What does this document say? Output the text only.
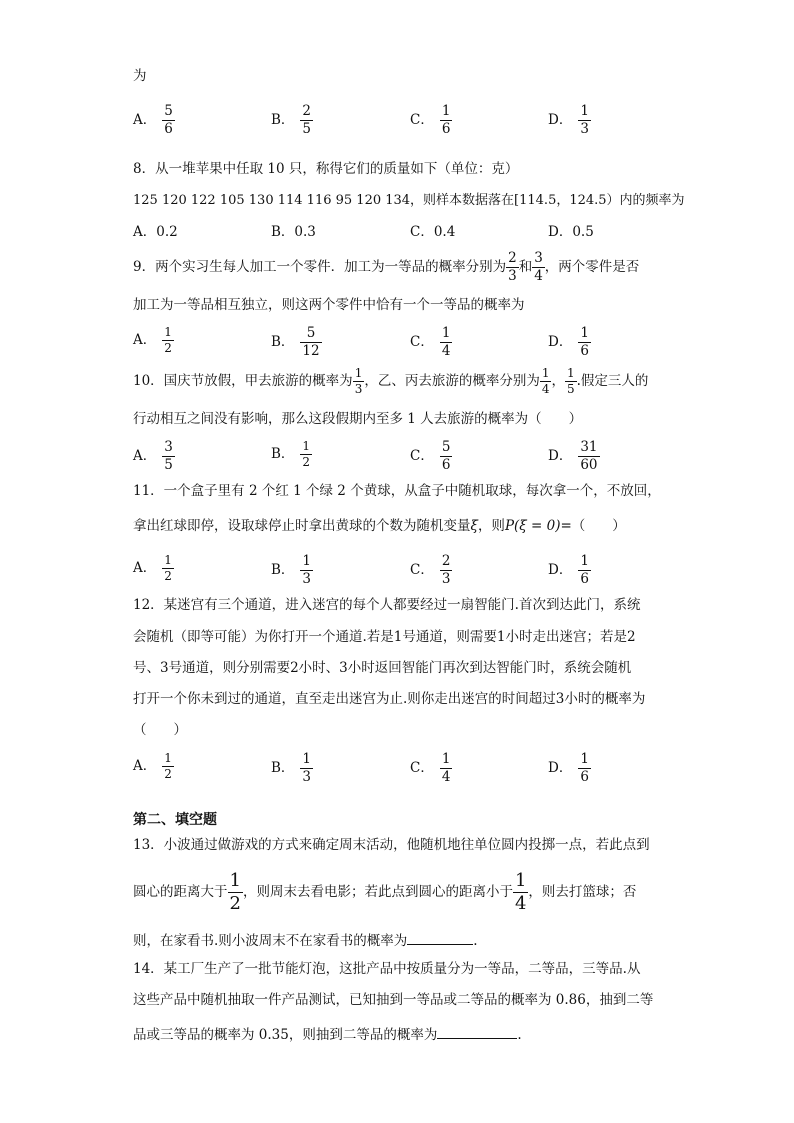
为
A． $\frac{5}{6}$	B． $\frac{2}{5}$	C． $\frac{1}{6}$	D． $\frac{1}{3}$
8．从一堆苹果中任取 10 只，称得它们的质量如下（单位：克）
125 120 122 105 130 114 116 95 120 134，则样本数据落在[114.5，124.5）内的频率为
A．0.2	B．0.3	C．0.4	D．0.5
9．两个实习生每人加工一个零件．加工为一等品的概率分别为 $\frac{2}{3}$ 和 $\frac{3}{4}$ ，两个零件是否
加工为一等品相互独立，则这两个零件中恰有一个一等品的概率为
A． $\frac{1}{2}$	B． $\frac{5}{12}$	C． $\frac{1}{4}$	D． $\frac{1}{6}$
10．国庆节放假，甲去旅游的概率为 $\frac{1}{3}$ ，乙、丙去旅游的概率分别为 $\frac{1}{4}$ ， $\frac{1}{5}$ .假定三人的
行动相互之间没有影响，那么这段假期内至多 1 人去旅游的概率为（　　）
A． $\frac{3}{5}$	B． $\frac{1}{2}$	C． $\frac{5}{6}$	D． $\frac{31}{60}$
11．一个盒子里有 2 个红 1 个绿 2 个黄球，从盒子中随机取球，每次拿一个，不放回，
拿出红球即停，设取球停止时拿出黄球的个数为随机变量ξ，则P(ξ = 0)=（　　）
A． $\frac{1}{2}$	B． $\frac{1}{3}$	C． $\frac{2}{3}$	D． $\frac{1}{6}$
12．某迷宫有三个通道，进入迷宫的每个人都要经过一扇智能门.首次到达此门，系统
会随机（即等可能）为你打开一个通道.若是1号通道，则需要1小时走出迷宫；若是2
号、3号通道，则分别需要2小时、3小时返回智能门再次到达智能门时，系统会随机
打开一个你未到过的通道，直至走出迷宫为止.则你走出迷宫的时间超过3小时的概率为
（　　）
A． $\frac{1}{2}$	B． $\frac{1}{3}$	C． $\frac{1}{4}$	D． $\frac{1}{6}$
第二、填空题
13．小波通过做游戏的方式来确定周末活动，他随机地往单位圆内投掷一点，若此点到
圆心的距离大于 $\frac{1}{2}$ ，则周末去看电影；若此点到圆心的距离小于 $\frac{1}{4}$ ，则去打篮球；否
则，在家看书.则小波周末不在家看书的概率为	.
14．某工厂生产了一批节能灯泡，这批产品中按质量分为一等品，二等品，三等品.从
这些产品中随机抽取一件产品测试，已知抽到一等品或二等品的概率为 0.86，抽到二等
品或三等品的概率为 0.35，则抽到二等品的概率为	.
